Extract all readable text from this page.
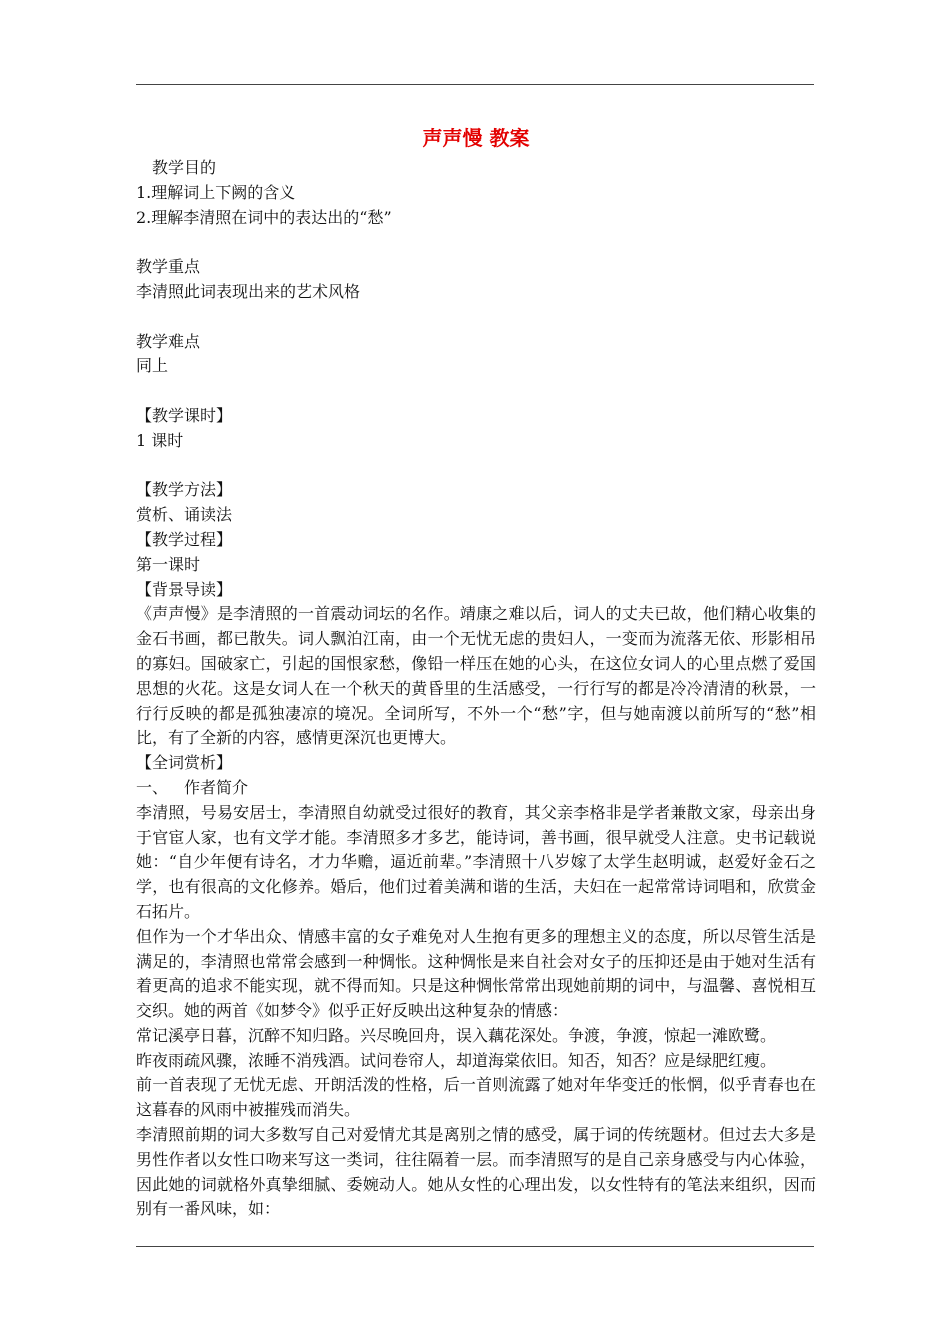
声声慢 教案
教学目的
1.理解词上下阙的含义
2.理解李清照在词中的表达出的“愁”
教学重点
李清照此词表现出来的艺术风格
教学难点
同上
【教学课时】
1 课时
【教学方法】
赏析、诵读法
【教学过程】
第一课时
【背景导读】
《声声慢》是李清照的一首震动词坛的名作。靖康之难以后，词人的丈夫已故，他们精心收集的金石书画，都已散失。词人飘泊江南，由一个无忧无虑的贵妇人，一变而为流落无依、形影相吊的寡妇。国破家亡，引起的国恨家愁，像铅一样压在她的心头，在这位女词人的心里点燃了爱国思想的火花。这是女词人在一个秋天的黄昏里的生活感受，一行行写的都是冷冷清清的秋景，一行行反映的都是孤独凄凉的境况。全词所写，不外一个“愁”字，但与她南渡以前所写的“愁”相比，有了全新的内容，感情更深沉也更博大。
【全词赏析】
一、 作者简介
李清照，号易安居士，李清照自幼就受过很好的教育，其父亲李格非是学者兼散文家，母亲出身于官宦人家，也有文学才能。李清照多才多艺，能诗词，善书画，很早就受人注意。史书记载说她：“自少年便有诗名，才力华赡，逼近前辈。”李清照十八岁嫁了太学生赵明诚，赵爱好金石之学，也有很高的文化修养。婚后，他们过着美满和谐的生活，夫妇在一起常常诗词唱和，欣赏金石拓片。
但作为一个才华出众、情感丰富的女子难免对人生抱有更多的理想主义的态度，所以尽管生活是满足的，李清照也常常会感到一种惆怅。这种惆怅是来自社会对女子的压抑还是由于她对生活有着更高的追求不能实现，就不得而知。只是这种惆怅常常出现她前期的词中，与温馨、喜悦相互交织。她的两首《如梦令》似乎正好反映出这种复杂的情感：
常记溪亭日暮，沉醉不知归路。兴尽晚回舟，误入藕花深处。争渡，争渡，惊起一滩欧鹭。
昨夜雨疏风骤，浓睡不消残酒。试问卷帘人，却道海棠依旧。知否，知否？应是绿肥红瘦。
前一首表现了无忧无虑、开朗活泼的性格，后一首则流露了她对年华变迁的怅惘，似乎青春也在这暮春的风雨中被摧残而消失。
李清照前期的词大多数写自己对爱情尤其是离别之情的感受，属于词的传统题材。但过去大多是男性作者以女性口吻来写这一类词，往往隔着一层。而李清照写的是自己亲身感受与内心体验，因此她的词就格外真挚细腻、委婉动人。她从女性的心理出发，以女性特有的笔法来组织，因而别有一番风味，如：
